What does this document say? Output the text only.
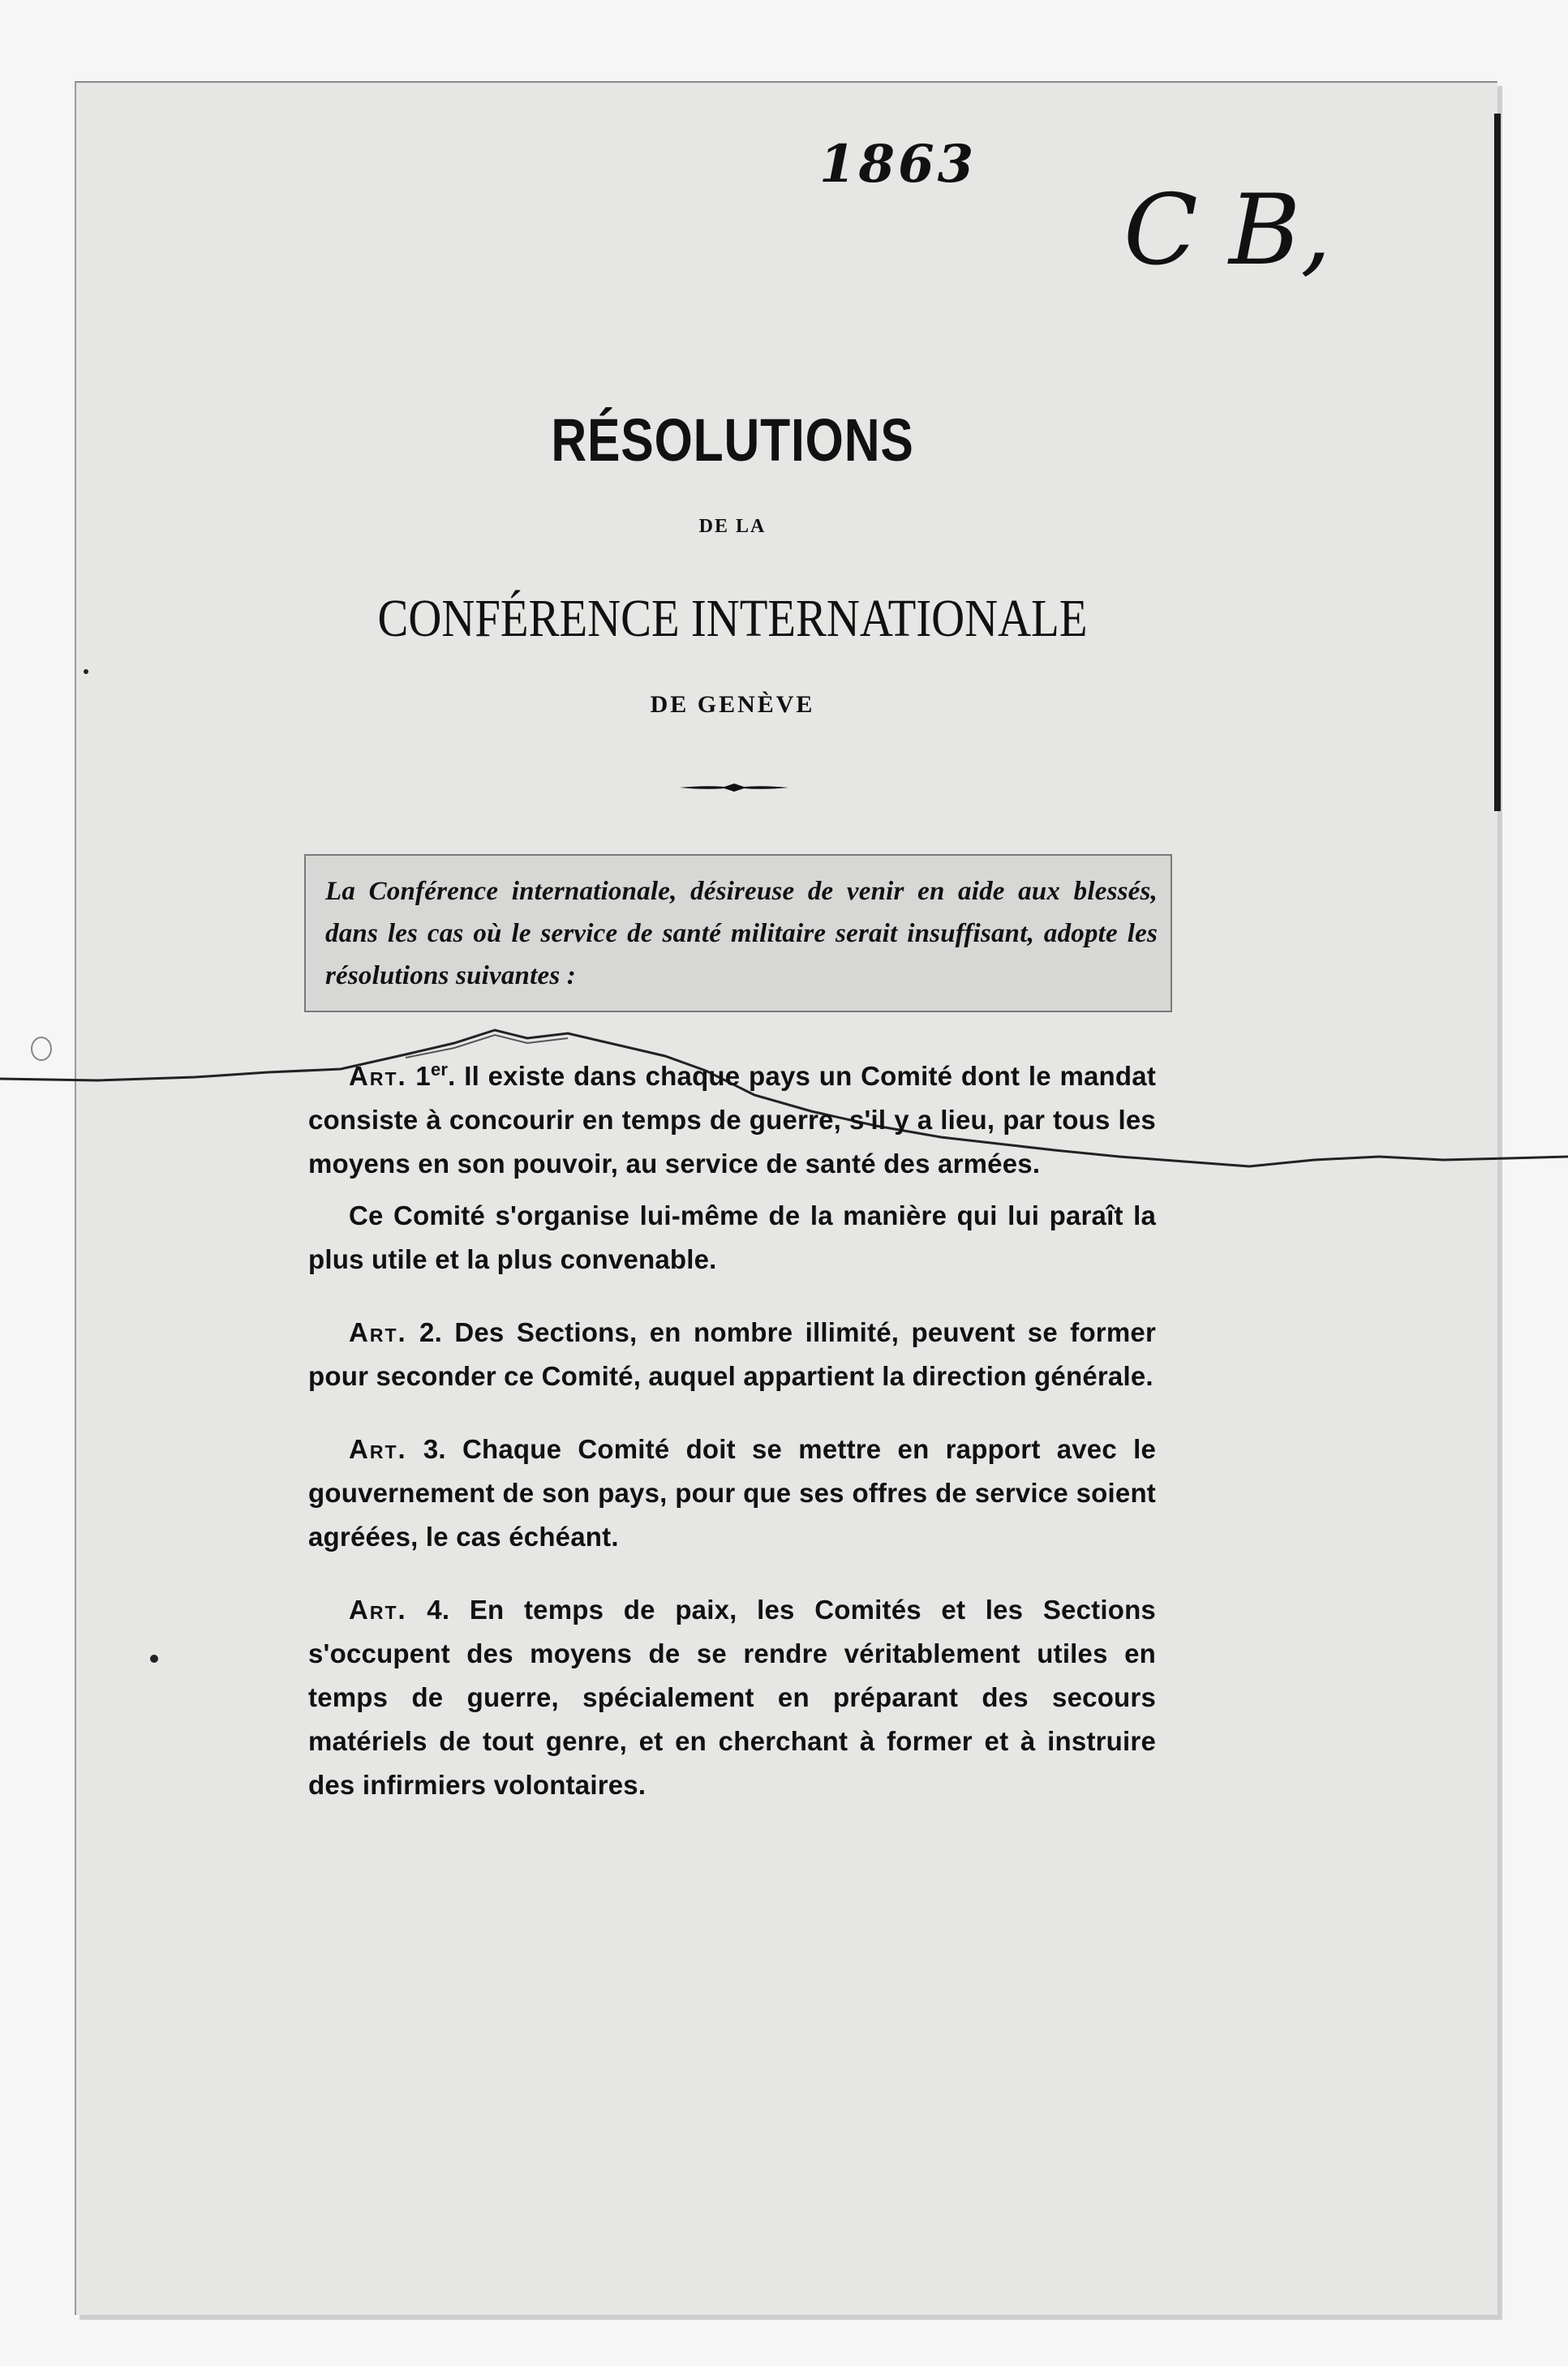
1863
C B,
RÉSOLUTIONS
DE LA
CONFÉRENCE INTERNATIONALE
DE GENÈVE
La Conférence internationale, désireuse de venir en aide aux blessés, dans les cas où le service de santé militaire serait insuffisant, adopte les résolutions suivantes :

Art. 1er. Il existe dans chaque pays un Comité dont le mandat consiste à concourir en temps de guerre, s'il y a lieu, par tous les moyens en son pouvoir, au service de santé des armées.

Ce Comité s'organise lui-même de la manière qui lui paraît la plus utile et la plus convenable.

Art. 2. Des Sections, en nombre illimité, peuvent se former pour seconder ce Comité, auquel appartient la direction générale.

Art. 3. Chaque Comité doit se mettre en rapport avec le gouvernement de son pays, pour que ses offres de service soient agréées, le cas échéant.

Art. 4. En temps de paix, les Comités et les Sections s'occupent des moyens de se rendre véritablement utiles en temps de guerre, spécialement en préparant des secours matériels de tout genre, et en cherchant à former et à instruire des infirmiers volontaires.
